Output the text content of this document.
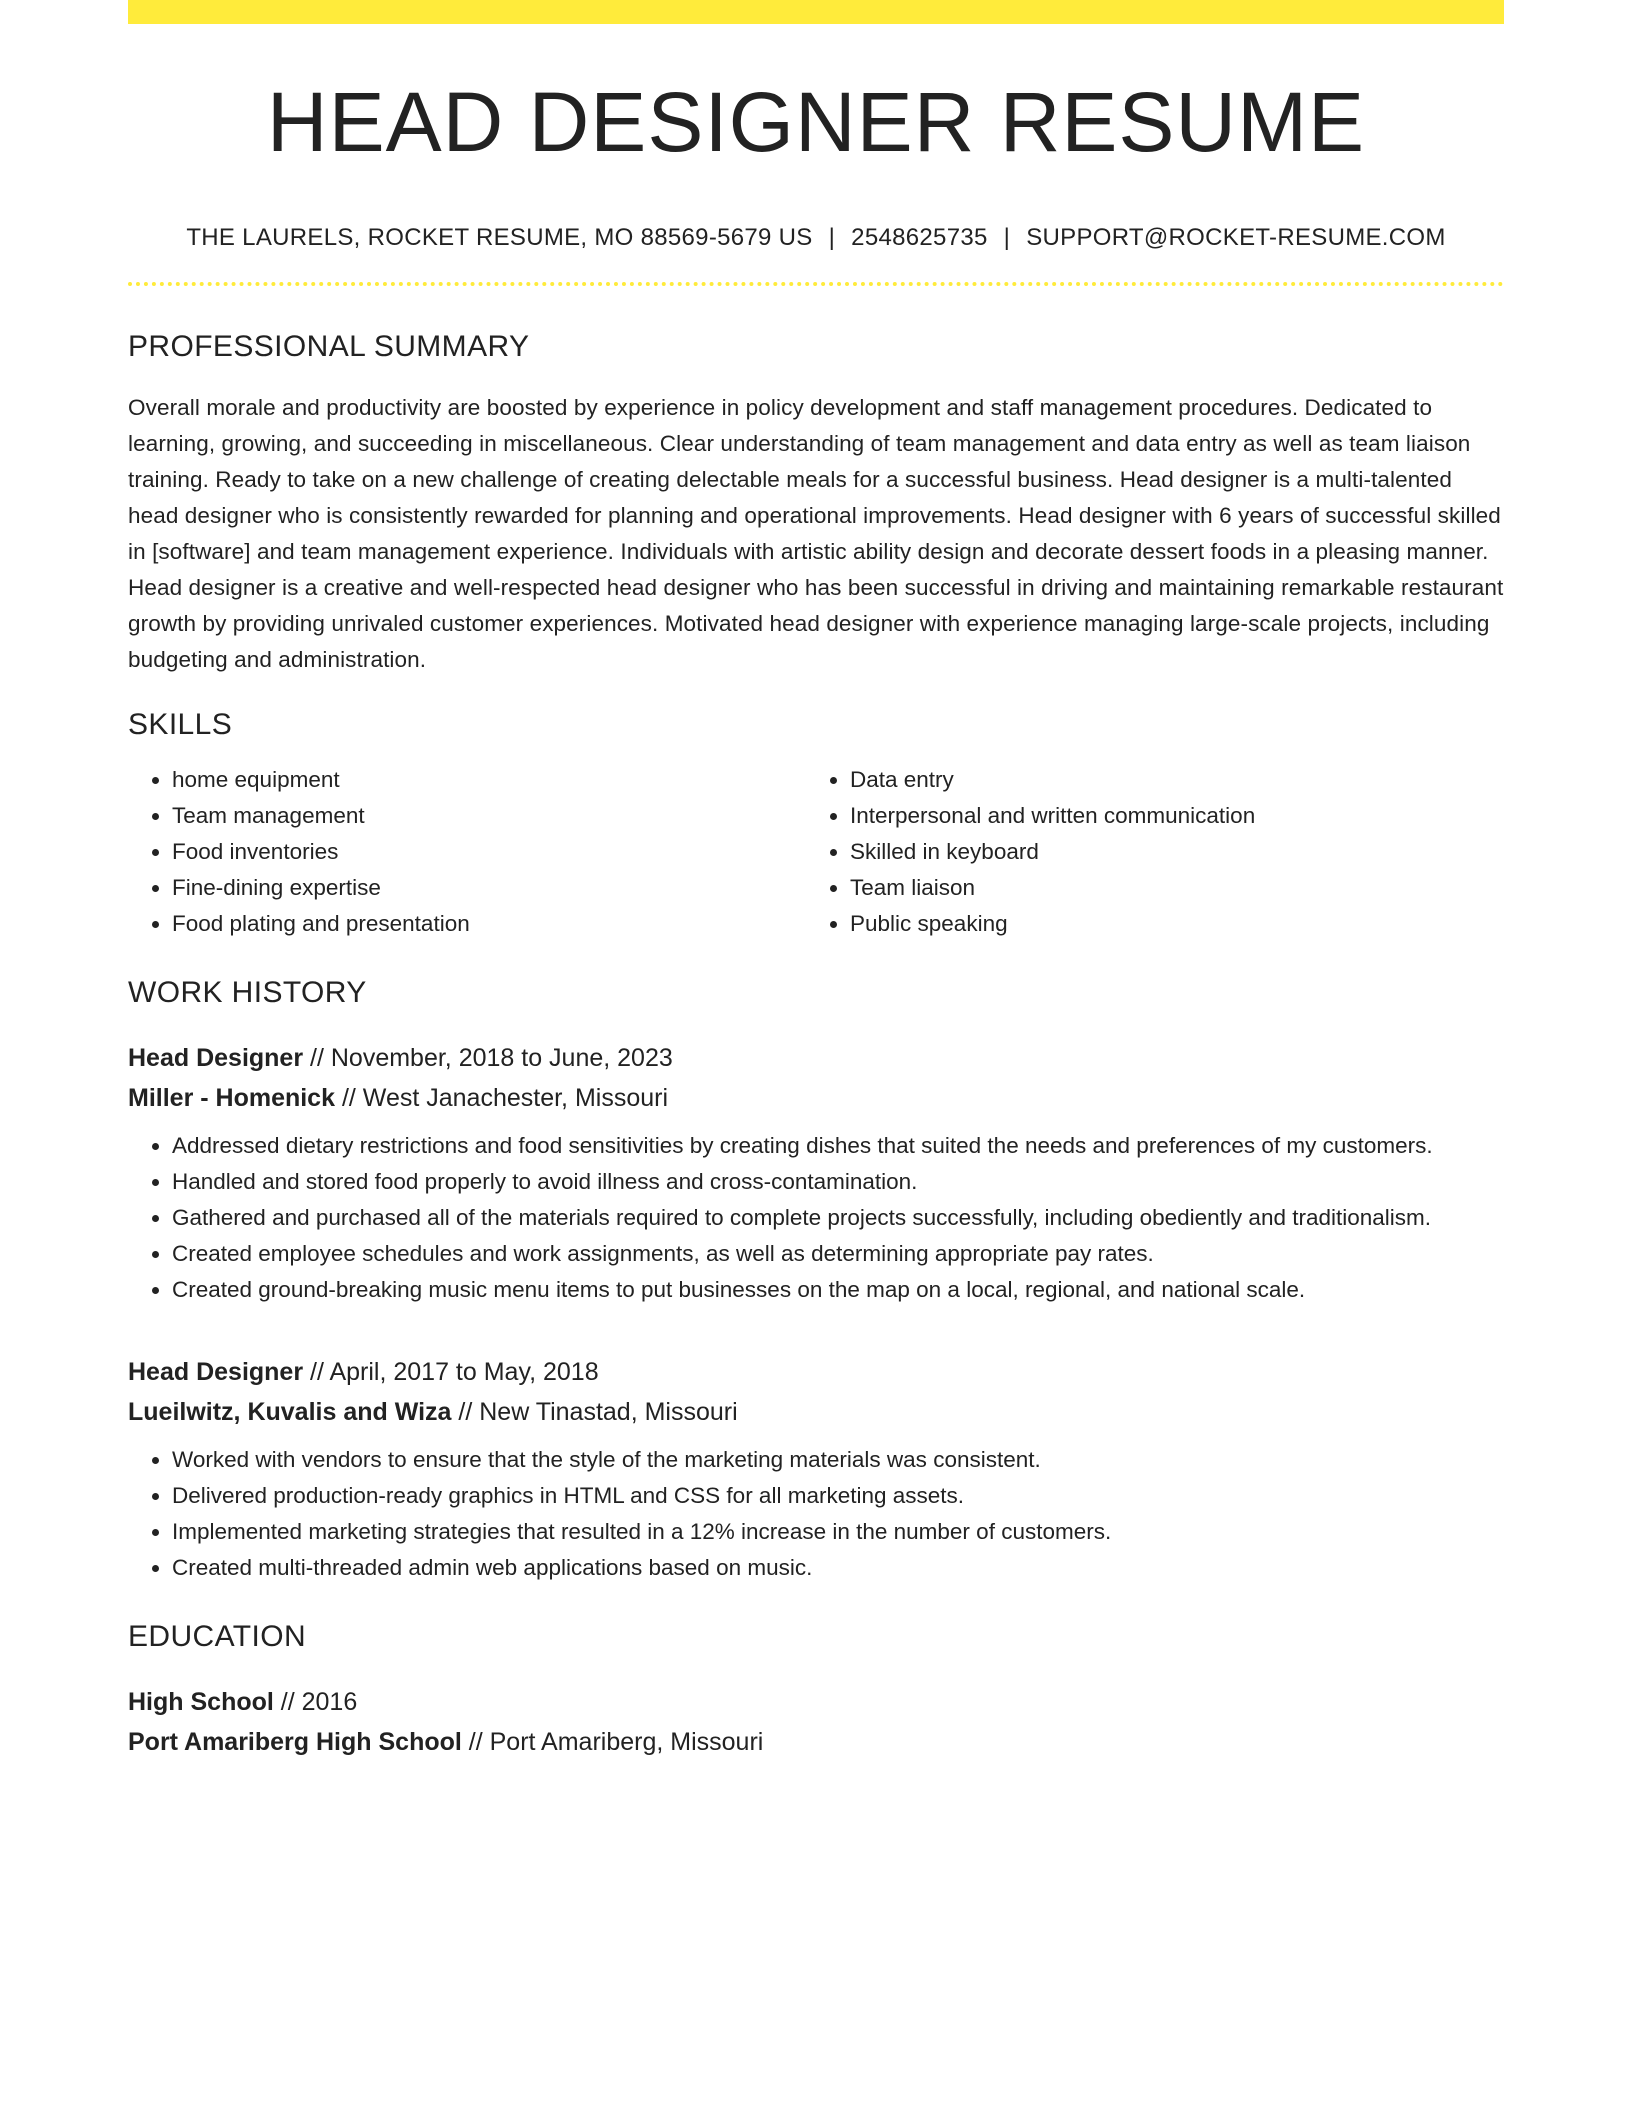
HEAD DESIGNER RESUME
THE LAURELS, ROCKET RESUME, MO 88569-5679 US | 2548625735 | SUPPORT@ROCKET-RESUME.COM
PROFESSIONAL SUMMARY

Overall morale and productivity are boosted by experience in policy development and staff management procedures. Dedicated to learning, growing, and succeeding in miscellaneous. Clear understanding of team management and data entry as well as team liaison training. Ready to take on a new challenge of creating delectable meals for a successful business. Head designer is a multi-talented head designer who is consistently rewarded for planning and operational improvements. Head designer with 6 years of successful skilled in [software] and team management experience. Individuals with artistic ability design and decorate dessert foods in a pleasing manner. Head designer is a creative and well-respected head designer who has been successful in driving and maintaining remarkable restaurant growth by providing unrivaled customer experiences. Motivated head designer with experience managing large-scale projects, including budgeting and administration.

SKILLS
• home equipment
• Team management
• Food inventories
• Fine-dining expertise
• Food plating and presentation
• Data entry
• Interpersonal and written communication
• Skilled in keyboard
• Team liaison
• Public speaking
WORK HISTORY
Head Designer // November, 2018 to June, 2023
Miller - Homenick // West Janachester, Missouri
• Addressed dietary restrictions and food sensitivities by creating dishes that suited the needs and preferences of my customers.
• Handled and stored food properly to avoid illness and cross-contamination.
• Gathered and purchased all of the materials required to complete projects successfully, including obediently and traditionalism.
• Created employee schedules and work assignments, as well as determining appropriate pay rates.
• Created ground-breaking music menu items to put businesses on the map on a local, regional, and national scale.
Head Designer // April, 2017 to May, 2018
Lueilwitz, Kuvalis and Wiza // New Tinastad, Missouri
• Worked with vendors to ensure that the style of the marketing materials was consistent.
• Delivered production-ready graphics in HTML and CSS for all marketing assets.
• Implemented marketing strategies that resulted in a 12% increase in the number of customers.
• Created multi-threaded admin web applications based on music.
EDUCATION
High School // 2016
Port Amariberg High School // Port Amariberg, Missouri
